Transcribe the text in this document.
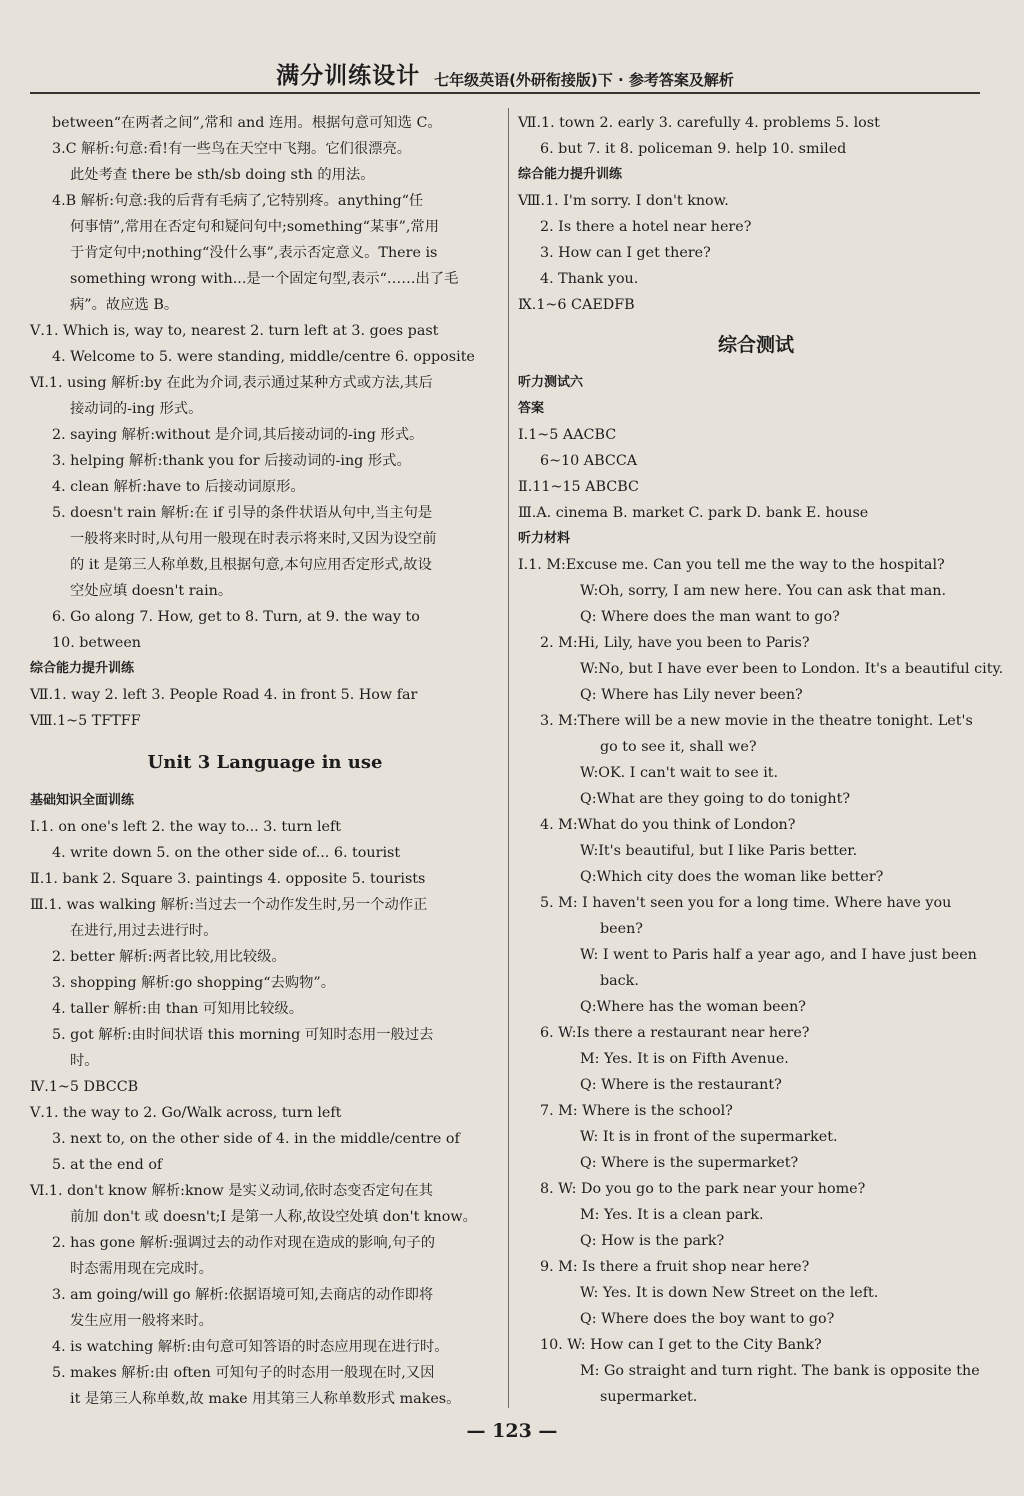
满分训练设计 七年级英语(外研衔接版)下 · 参考答案及解析
between“在两者之间”,常和 and 连用。根据句意可知选 C。
3.C 解析:句意:看!有一些鸟在天空中飞翔。它们很漂亮。
此处考查 there be sth/sb doing sth 的用法。
4.B 解析:句意:我的后背有毛病了,它特别疼。anything“任
何事情”,常用在否定句和疑问句中;something“某事”,常用
于肯定句中;nothing“没什么事”,表示否定意义。There is
something wrong with...是一个固定句型,表示“……出了毛
病”。故应选 B。
Ⅴ.1. Which is, way to, nearest 2. turn left at 3. goes past
4. Welcome to 5. were standing, middle/centre 6. opposite
Ⅵ.1. using 解析:by 在此为介词,表示通过某种方式或方法,其后
接动词的-ing 形式。
2. saying 解析:without 是介词,其后接动词的-ing 形式。
3. helping 解析:thank you for 后接动词的-ing 形式。
4. clean 解析:have to 后接动词原形。
5. doesn't rain 解析:在 if 引导的条件状语从句中,当主句是
一般将来时时,从句用一般现在时表示将来时,又因为设空前
的 it 是第三人称单数,且根据句意,本句应用否定形式,故设
空处应填 doesn't rain。
6. Go along 7. How, get to 8. Turn, at 9. the way to
10. between
综合能力提升训练
Ⅶ.1. way 2. left 3. People Road 4. in front 5. How far
Ⅷ.1~5 TFTFF
Unit 3 Language in use
基础知识全面训练
Ⅰ.1. on one's left 2. the way to... 3. turn left
4. write down 5. on the other side of... 6. tourist
Ⅱ.1. bank 2. Square 3. paintings 4. opposite 5. tourists
Ⅲ.1. was walking 解析:当过去一个动作发生时,另一个动作正
在进行,用过去进行时。
2. better 解析:两者比较,用比较级。
3. shopping 解析:go shopping“去购物”。
4. taller 解析:由 than 可知用比较级。
5. got 解析:由时间状语 this morning 可知时态用一般过去
时。
Ⅳ.1~5 DBCCB
Ⅴ.1. the way to 2. Go/Walk across, turn left
3. next to, on the other side of 4. in the middle/centre of
5. at the end of
Ⅵ.1. don't know 解析:know 是实义动词,依时态变否定句在其
前加 don't 或 doesn't;I 是第一人称,故设空处填 don't know。
2. has gone 解析:强调过去的动作对现在造成的影响,句子的
时态需用现在完成时。
3. am going/will go 解析:依据语境可知,去商店的动作即将
发生应用一般将来时。
4. is watching 解析:由句意可知答语的时态应用现在进行时。
5. makes 解析:由 often 可知句子的时态用一般现在时,又因
it 是第三人称单数,故 make 用其第三人称单数形式 makes。
Ⅶ.1. town 2. early 3. carefully 4. problems 5. lost
6. but 7. it 8. policeman 9. help 10. smiled
综合能力提升训练
Ⅷ.1. I'm sorry. I don't know.
2. Is there a hotel near here?
3. How can I get there?
4. Thank you.
Ⅸ.1~6 CAEDFB
综合测试
听力测试六
答案
Ⅰ.1~5 AACBC
6~10 ABCCA
Ⅱ.11~15 ABCBC
Ⅲ.A. cinema B. market C. park D. bank E. house
听力材料
Ⅰ.1. M:Excuse me. Can you tell me the way to the hospital?
W:Oh, sorry, I am new here. You can ask that man.
Q: Where does the man want to go?
2. M:Hi, Lily, have you been to Paris?
W:No, but I have ever been to London. It's a beautiful city.
Q: Where has Lily never been?
3. M:There will be a new movie in the theatre tonight. Let's
go to see it, shall we?
W:OK. I can't wait to see it.
Q:What are they going to do tonight?
4. M:What do you think of London?
W:It's beautiful, but I like Paris better.
Q:Which city does the woman like better?
5. M: I haven't seen you for a long time. Where have you
been?
W: I went to Paris half a year ago, and I have just been
back.
Q:Where has the woman been?
6. W:Is there a restaurant near here?
M: Yes. It is on Fifth Avenue.
Q: Where is the restaurant?
7. M: Where is the school?
W: It is in front of the supermarket.
Q: Where is the supermarket?
8. W: Do you go to the park near your home?
M: Yes. It is a clean park.
Q: How is the park?
9. M: Is there a fruit shop near here?
W: Yes. It is down New Street on the left.
Q: Where does the boy want to go?
10. W: How can I get to the City Bank?
M: Go straight and turn right. The bank is opposite the
supermarket.
— 123 —
